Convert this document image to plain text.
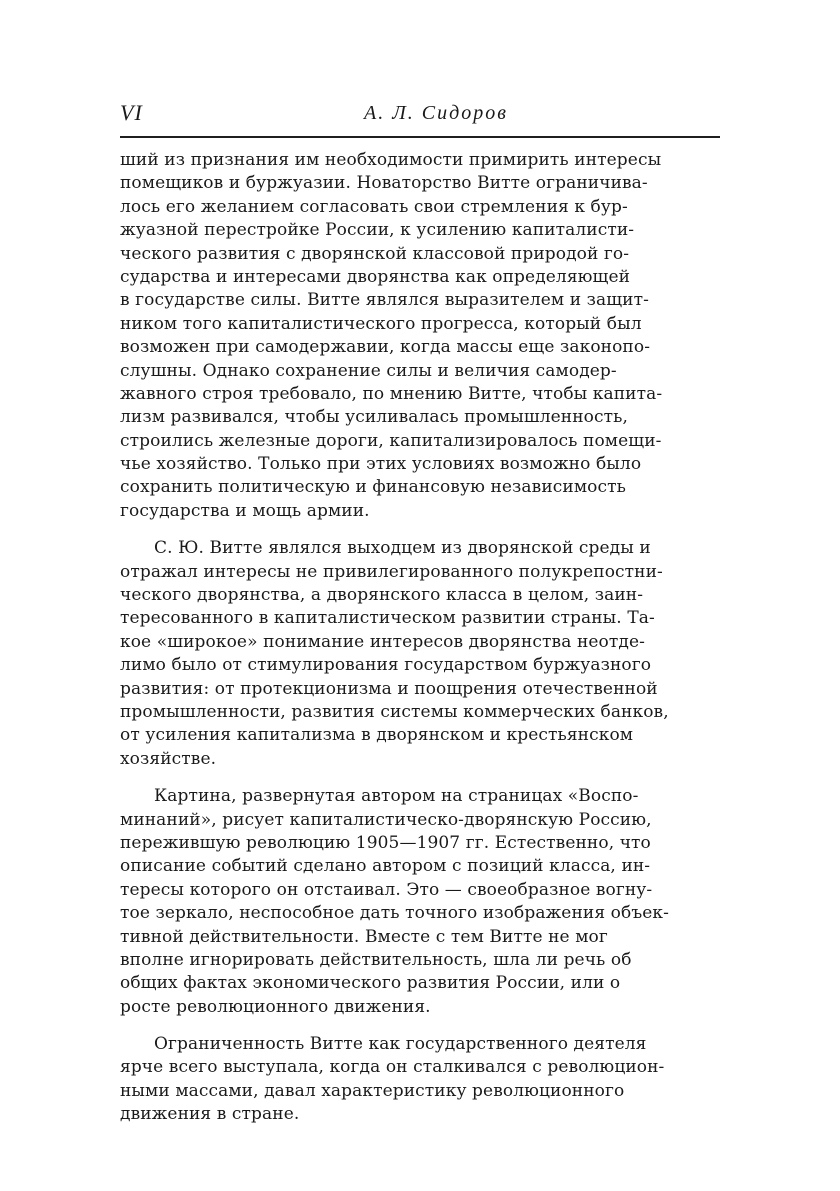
VI	А. Л. Сидоров
ший из признания им необходимости примирить интересы
помещиков и буржуазии. Новаторство Витте ограничива-
лось его желанием согласовать свои стремления к бур-
жуазной перестройке России, к усилению капиталисти-
ческого развития с дворянской классовой природой го-
сударства и интересами дворянства как определяющей
в государстве силы. Витте являлся выразителем и защит-
ником того капиталистического прогресса, который был
возможен при самодержавии, когда массы еще законопо-
слушны. Однако сохранение силы и величия самодер-
жавного строя требовало, по мнению Витте, чтобы капита-
лизм развивался, чтобы усиливалась промышленность,
строились железные дороги, капитализировалось помещи-
чье хозяйство. Только при этих условиях возможно было
сохранить политическую и финансовую независимость
государства и мощь армии.
С. Ю. Витте являлся выходцем из дворянской среды и
отражал интересы не привилегированного полукрепостни-
ческого дворянства, а дворянского класса в целом, заин-
тересованного в капиталистическом развитии страны. Та-
кое «широкое» понимание интересов дворянства неотде-
лимо было от стимулирования государством буржуазного
развития: от протекционизма и поощрения отечественной
промышленности, развития системы коммерческих банков,
от усиления капитализма в дворянском и крестьянском
хозяйстве.
Картина, развернутая автором на страницах «Воспо-
минаний», рисует капиталистическо-дворянскую Россию,
пережившую революцию 1905—1907 гг. Естественно, что
описание событий сделано автором с позиций класса, ин-
тересы которого он отстаивал. Это — своеобразное вогну-
тое зеркало, неспособное дать точного изображения объек-
тивной действительности. Вместе с тем Витте не мог
вполне игнорировать действительность, шла ли речь об
общих фактах экономического развития России, или о
росте революционного движения.
Ограниченность Витте как государственного деятеля
ярче всего выступала, когда он сталкивался с революцион-
ными массами, давал характеристику революционного
движения в стране.
